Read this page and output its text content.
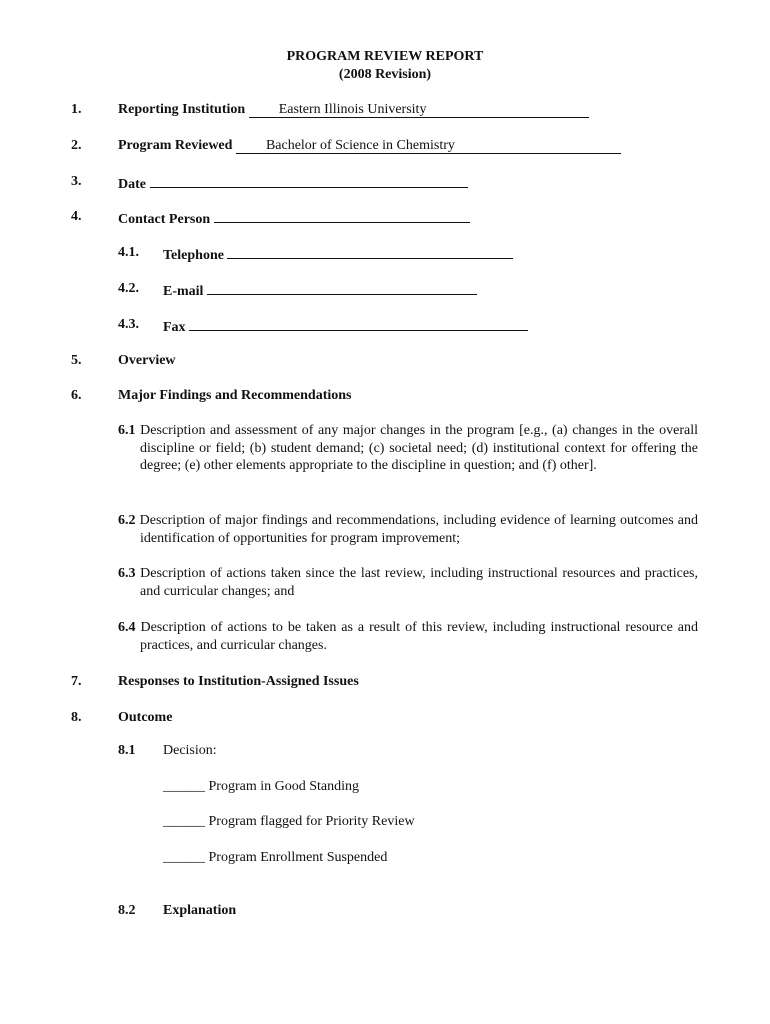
PROGRAM REVIEW REPORT
(2008 Revision)
1.	Reporting Institution Eastern Illinois University
2.	Program Reviewed Bachelor of Science in Chemistry
3.	Date
4.	Contact Person
4.1. Telephone
4.2. E-mail
4.3. Fax
5.	Overview
6.	Major Findings and Recommendations
6.1 Description and assessment of any major changes in the program [e.g., (a) changes in the overall discipline or field; (b) student demand; (c) societal need; (d) institutional context for offering the degree; (e) other elements appropriate to the discipline in question; and (f) other].
6.2 Description of major findings and recommendations, including evidence of learning outcomes and identification of opportunities for program improvement;
6.3 Description of actions taken since the last review, including instructional resources and practices, and curricular changes; and
6.4 Description of actions to be taken as a result of this review, including instructional resource and practices, and curricular changes.
7.	Responses to Institution-Assigned Issues
8.	Outcome
8.1 Decision:
______ Program in Good Standing
______ Program flagged for Priority Review
______ Program Enrollment Suspended
8.2 Explanation
